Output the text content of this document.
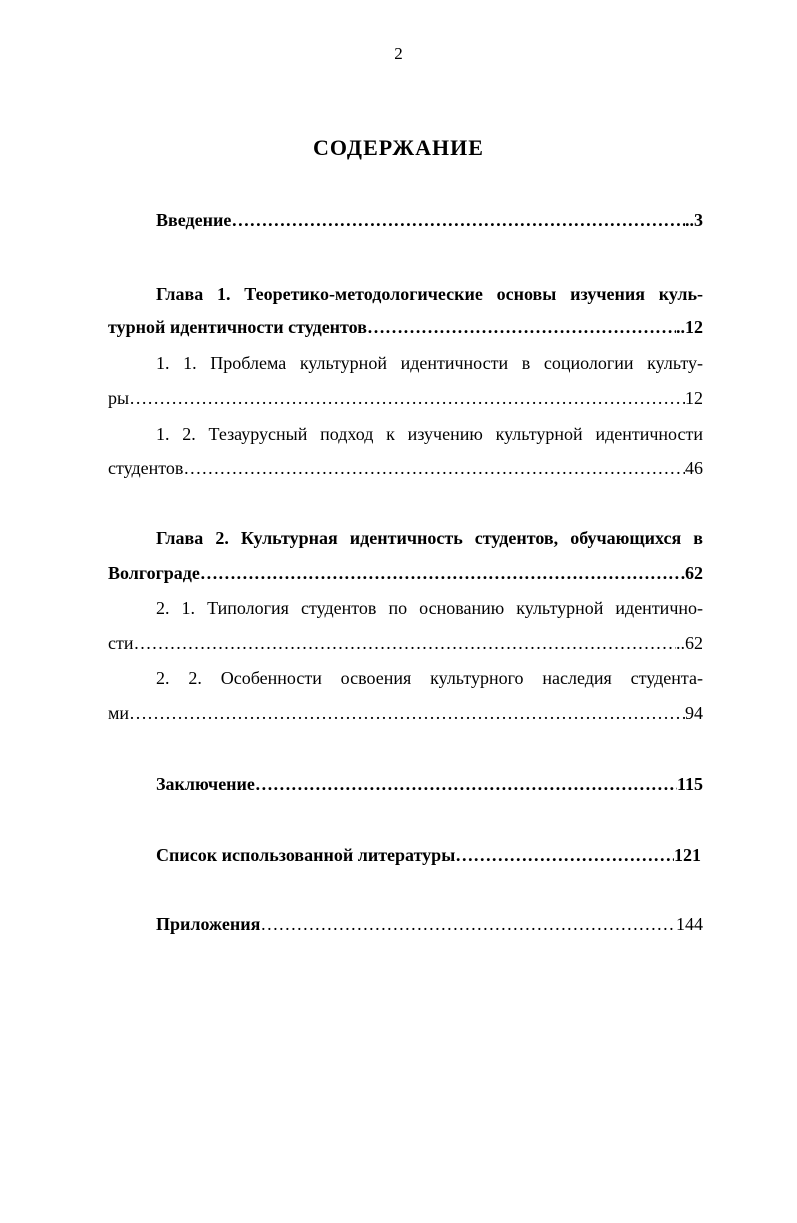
2
СОДЕРЖАНИЕ
Введение ……………………………………………………………………………………………………………………………………………………………………	..3
Глава 1. Теоретико-методологические основы изучения куль-
турной идентичности студентов ……………………………………………………………………………………………………………………………………………………………………	..12
1. 1. Проблема культурной идентичности в социологии культу-
ры ……………………………………………………………………………………………………………………………………………………………………	12
1. 2. Тезаурусный подход к изучению культурной идентичности
студентов ……………………………………………………………………………………………………………………………………………………………………	46
Глава 2. Культурная идентичность студентов, обучающихся в
Волгограде ……………………………………………………………………………………………………………………………………………………………………	62
2. 1. Типология студентов по основанию культурной идентично-
сти ……………………………………………………………………………………………………………………………………………………………………	..62
2. 2. Особенности освоения культурного наследия студента-
ми ……………………………………………………………………………………………………………………………………………………………………	94
Заключение ……………………………………………………………………………………………………………………………………………………………………	115
Список использованной литературы ……………………………………………………………………………………………………………………………………………………………………	121
Приложения ……………………………………………………………………………………………………………………………………………………………………	144
